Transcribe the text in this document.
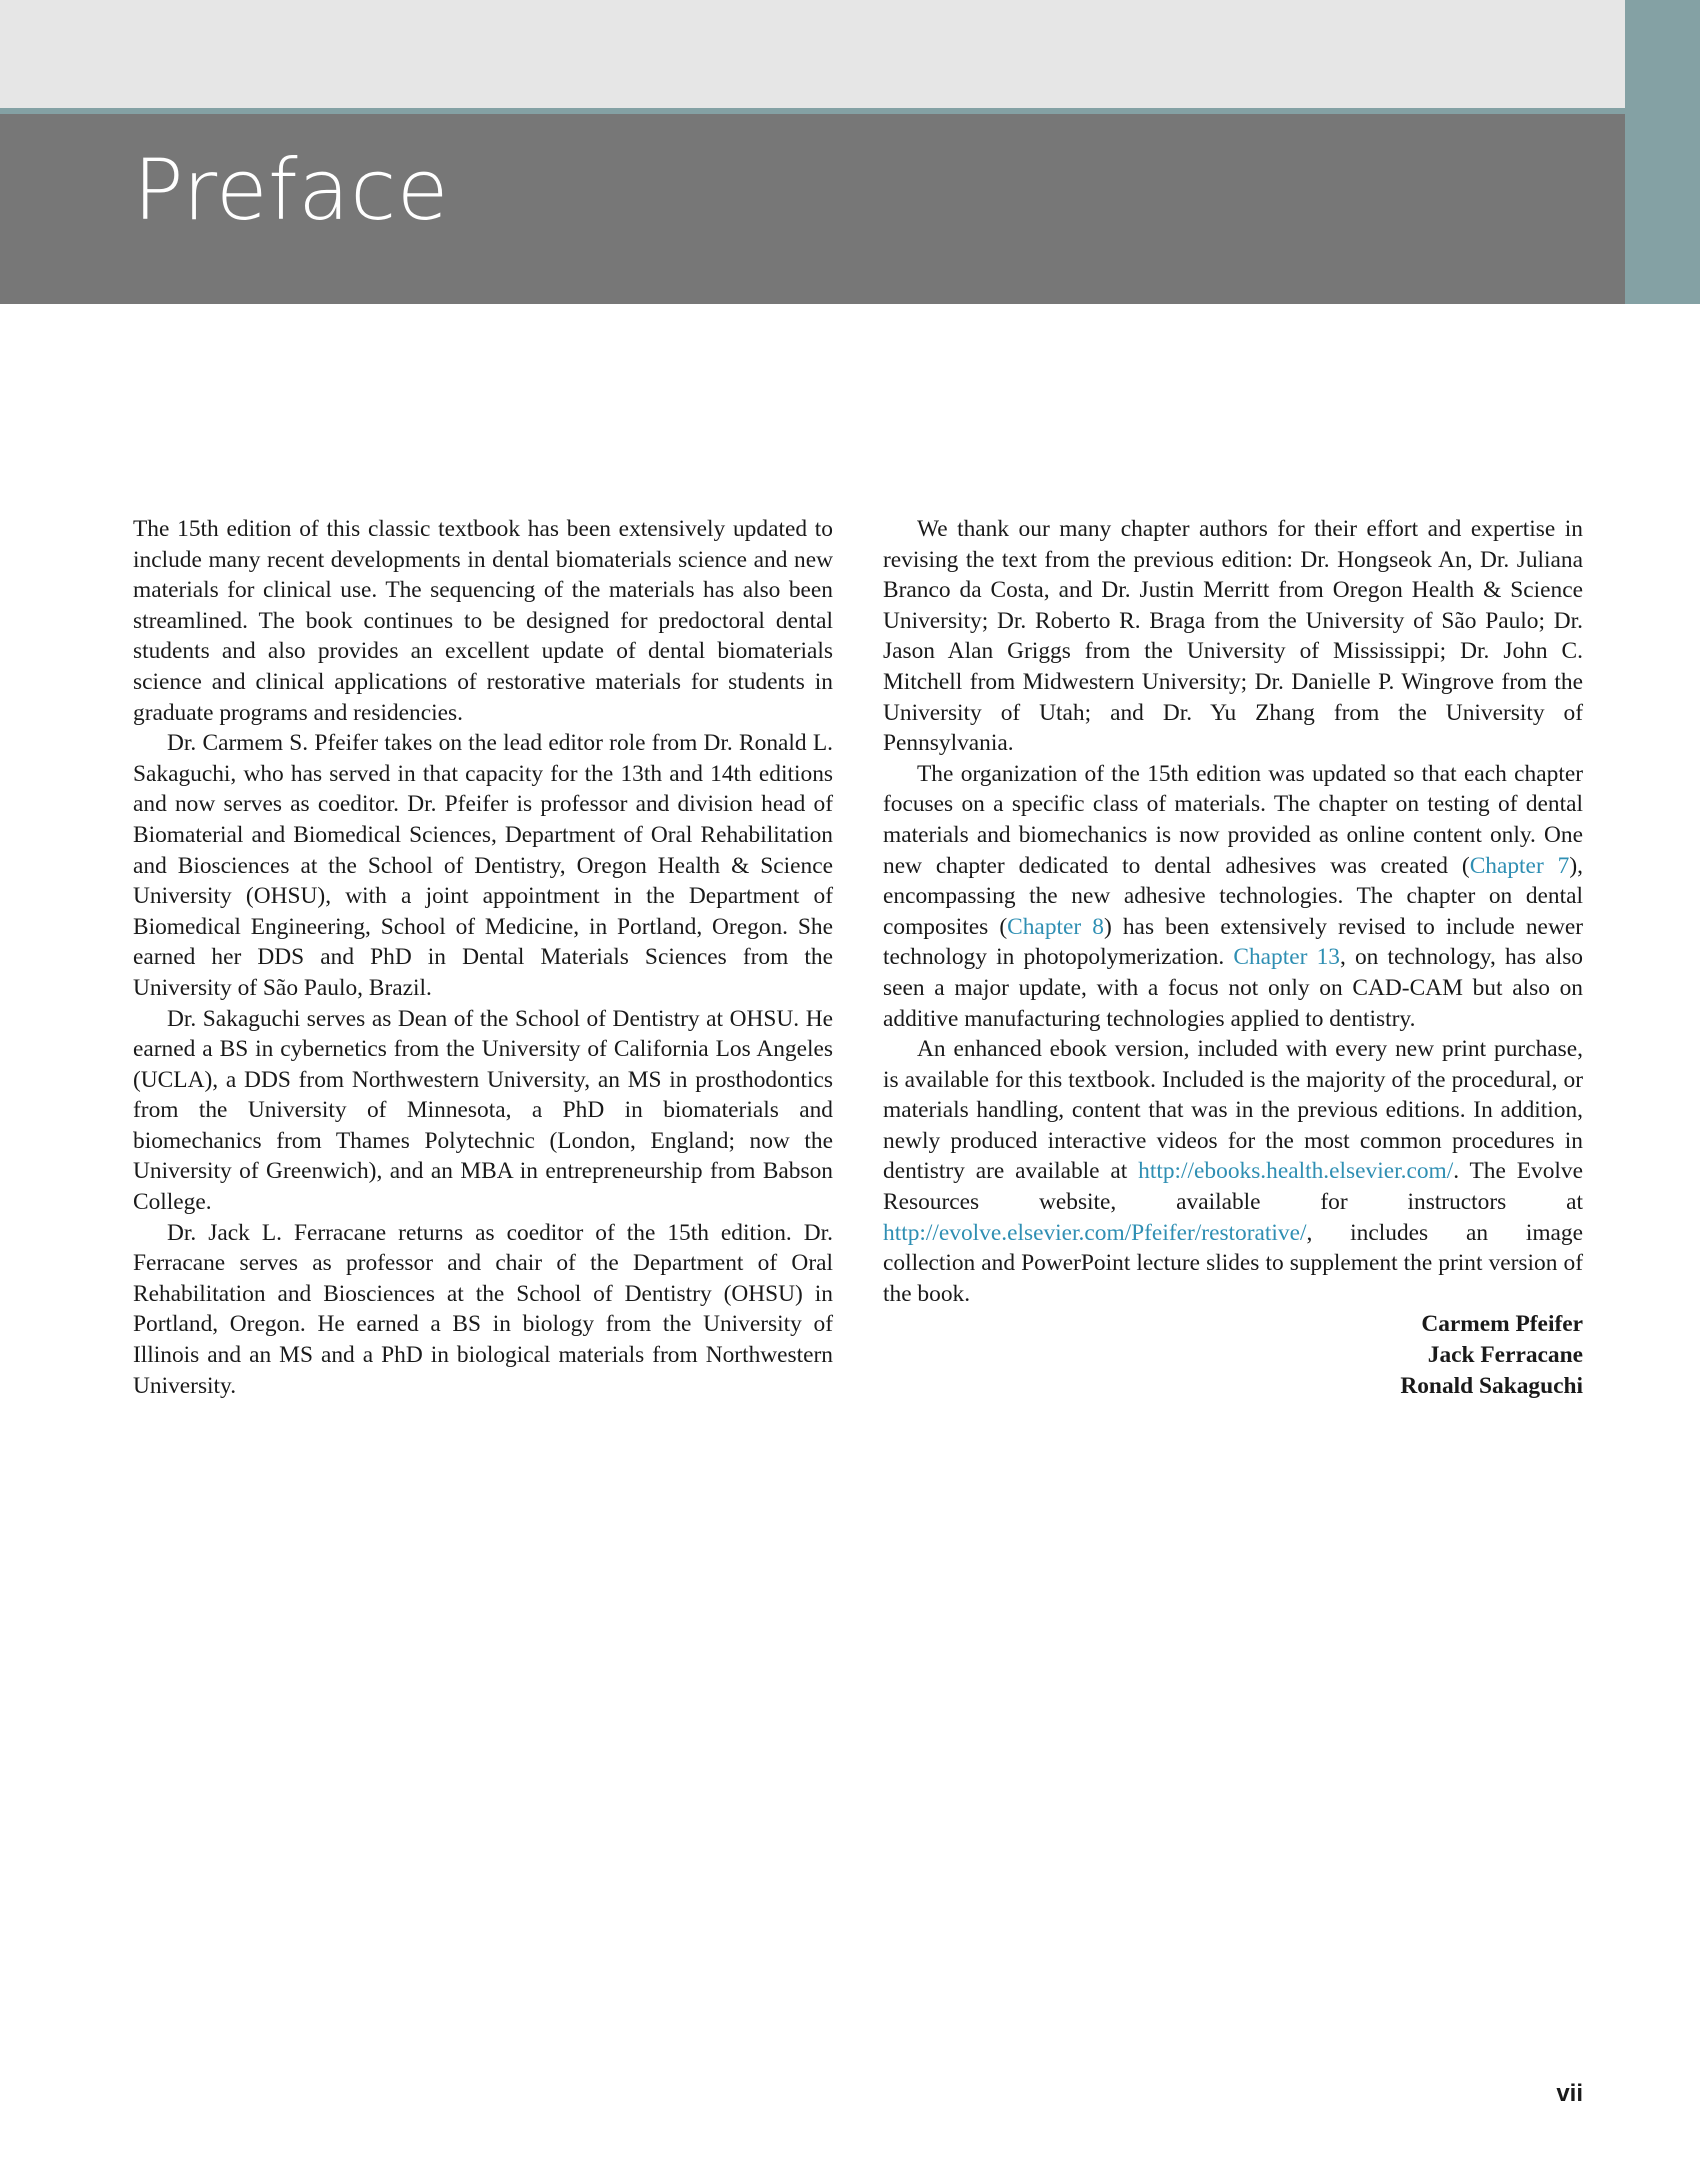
Preface

The 15th edition of this classic textbook has been extensively updated to include many recent developments in dental biomaterials science and new materials for clinical use. The sequencing of the materials has also been streamlined. The book continues to be designed for predoctoral dental students and also provides an excellent update of dental biomaterials science and clinical applications of restorative materials for students in graduate programs and residencies.

Dr. Carmem S. Pfeifer takes on the lead editor role from Dr. Ronald L. Sakaguchi, who has served in that capacity for the 13th and 14th editions and now serves as coeditor. Dr. Pfeifer is professor and division head of Biomaterial and Biomedical Sciences, Department of Oral Rehabilitation and Biosciences at the School of Dentistry, Oregon Health & Science University (OHSU), with a joint appointment in the Department of Biomedical Engineering, School of Medicine, in Portland, Oregon. She earned her DDS and PhD in Dental Materials Sciences from the University of São Paulo, Brazil.

Dr. Sakaguchi serves as Dean of the School of Dentistry at OHSU. He earned a BS in cybernetics from the University of California Los Angeles (UCLA), a DDS from Northwestern University, an MS in prosthodontics from the University of Minnesota, a PhD in biomaterials and biomechanics from Thames Polytechnic (London, England; now the University of Greenwich), and an MBA in entrepreneurship from Babson College.

Dr. Jack L. Ferracane returns as coeditor of the 15th edition. Dr. Ferracane serves as professor and chair of the Department of Oral Rehabilitation and Biosciences at the School of Dentistry (OHSU) in Portland, Oregon. He earned a BS in biology from the University of Illinois and an MS and a PhD in biological materials from Northwestern University.

We thank our many chapter authors for their effort and expertise in revising the text from the previous edition: Dr. Hongseok An, Dr. Juliana Branco da Costa, and Dr. Justin Merritt from Oregon Health & Science University; Dr. Roberto R. Braga from the University of São Paulo; Dr. Jason Alan Griggs from the University of Mississippi; Dr. John C. Mitchell from Midwestern University; Dr. Danielle P. Wingrove from the University of Utah; and Dr. Yu Zhang from the University of Pennsylvania.

The organization of the 15th edition was updated so that each chapter focuses on a specific class of materials. The chapter on testing of dental materials and biomechanics is now provided as online content only. One new chapter dedicated to dental adhesives was created (Chapter 7), encompassing the new adhesive technologies. The chapter on dental composites (Chapter 8) has been extensively revised to include newer technology in photopolymerization. Chapter 13, on technology, has also seen a major update, with a focus not only on CAD-CAM but also on additive manufacturing technologies applied to dentistry.

An enhanced ebook version, included with every new print purchase, is available for this textbook. Included is the majority of the procedural, or materials handling, content that was in the previous editions. In addition, newly produced interactive videos for the most common procedures in dentistry are available at http://ebooks.health.elsevier.com/. The Evolve Resources website, available for instructors at http://evolve.elsevier.com/Pfeifer/restorative/, includes an image collection and PowerPoint lecture slides to supplement the print version of the book.

Carmem Pfeifer
Jack Ferracane
Ronald Sakaguchi
vii
